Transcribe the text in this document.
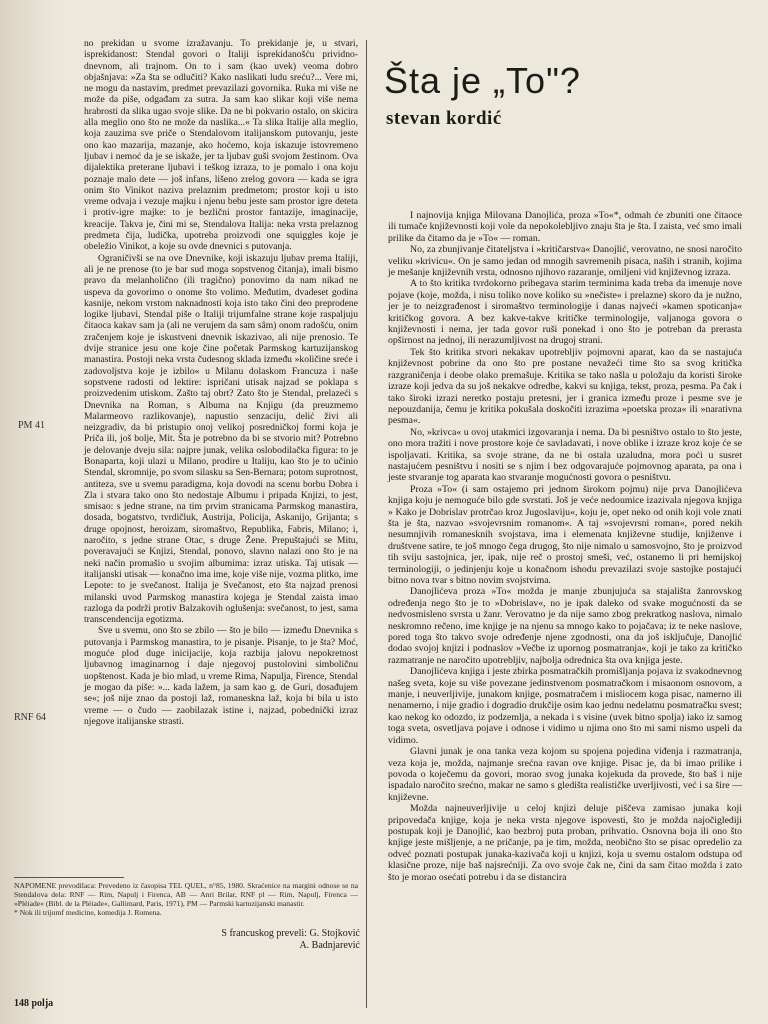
PM 41
RNF 64

no prekidan u svome izražavanju. To prekidanje je, u stvari, isprekidanost: Stendal govori o Italiji isprekidanošću prividno-dnevnom, ali trajnom. On to i sam (kao uvek) veoma dobro objašnjava: »Za šta se odlučiti? Kako naslikati ludu sreću?... Vere mi, ne mogu da nastavim, predmet prevazilazi govornika. Ruka mi više ne može da piše, odgađam za sutra. Ja sam kao slikar koji više nema hrabrosti da slika ugao svoje slike. Da ne bi pokvario ostalo, on skicira alla meglio ono što ne može da naslika...« Ta slika Italije alla meglio, koja zauzima sve priče o Stendalovom italijanskom putovanju, jeste ono kao mazarija, mazanje, ako hoćemo, koja iskazuje istovremeno ljubav i nemoć da je se iskaže, jer ta ljubav guši svojom žestinom. Ova dijalektika preterane ljubavi i teškog izraza, to je pomalo i ona koju poznaje malo dete — još infans, lišeno zrelog govora — kada se igra onim što Vinikot naziva prelaznim predmetom; prostor koji u isto vreme odvaja i vezuje majku i njenu bebu jeste sam prostor igre deteta i protiv-igre majke: to je bezlični prostor fantazije, imaginacije, kreacije. Takva je, čini mi se, Stendalova Italija: neka vrsta prelaznog predmeta čija, ludička, upotreba proizvodi one squiggles koje je obeležio Vinikot, a koje su ovde dnevnici s putovanja.

Ograničivši se na ove Dnevnike, koji iskazuju ljubav prema Italiji, ali je ne prenose (to je bar sud moga sopstvenog čitanja), imali bismo pravo da melanholično (ili tragično) ponovimo da nam nikad ne uspeva da govorimo o onome što volimo. Međutim, dvadeset godina kasnije, nekom vrstom naknadnosti koja isto tako čini deo preprodene logike ljubavi, Stendal piše o Italiji trijumfalne strane koje raspaljuju čitaoca kakav sam ja (ali ne verujem da sam sâm) onom radošću, onim zračenjem koje je iskustveni dnevnik iskazivao, ali nije prenosio. Te dvije stranice jesu one koje čine početak Parmskog kartuzijanskog manastira. Postoji neka vrsta čudesnog sklada između »količine sreće i zadovoljstva koje je izbilo« u Milanu dolaskom Francuza i naše sopstvene radosti od lektire: ispričani utisak najzad se poklapa s proizvedenim utiskom. Zašto taj obrt? Zato što je Stendal, prelazeći s Dnevnika na Roman, s Albuma na Knjigu (da preuzmemo Malarmeovo razlikovanje), napustio senzaciju, delić živi ali neizgradiv, da bi pristupio onoj velikoj posredničkoj formi koja je Priča ili, još bolje, Mit. Šta je potrebno da bi se stvorio mit? Potrebno je delovanje dveju sila: najpre junak, velika oslobodilačka figura: to je Bonaparta, koji ulazi u Milano, prodire u Italiju, kao što je to učinio Stendal, skromnije, po svom silasku sa Sen-Bernara; potom suprotnost, antiteza, sve u svemu paradigma, koja dovodi na scenu borbu Dobra i Zla i stvara tako ono što nedostaje Albumu i pripada Knjizi, to jest, smisao: s jedne strane, na tim prvim stranicama Parmskog manastira, dosada, bogatstvo, tvrdičluk, Austrija, Policija, Askanijo, Grijanta; s druge opojnost, heroizam, siromaštvo, Republika, Fabris, Milano; i, naročito, s jedne strane Otac, s druge Žene. Prepuštajući se Mitu, poveravajući se Knjizi, Stendal, ponovo, slavno nalazi ono što je na neki način promašio u svojim albumima: izraz utiska. Taj utisak — italijanski utisak — konačno ima ime, koje više nije, vozma plitko, ime Lepote: to je svečanost. Italija je Svečanost, eto šta najzad prenosi milanski uvod Parmskog manastira kojega je Stendal zaista imao razloga da podrži protiv Balzakovih oglušenja: svečanost, to jest, sama transcendencija egotizma.

Sve u svemu, ono što se zbilo — što je bilo — između Dnevnika s putovanja i Parmskog manastira, to je pisanje. Pisanje, to je šta? Moć, moguće plod duge inicijacije, koja razbija jalovu nepokretnost ljubavnog imaginarnog i daje njegovoj pustolovini simboličnu uopštenost. Kada je bio mlad, u vreme Rima, Napulja, Firence, Stendal je mogao da piše: »... kada lažem, ja sam kao g. de Guri, dosađujem se«; još nije znao da postoji laž, romaneskna laž, koja bi bila u isto vreme — o čudo — zaobilazak istine i, najzad, pobednički izraz njegove italijanske strasti.

NAPOMENE prevodilaca: Prevedeno iz časopisa TEL QUEL, n°85, 1980. Skraćenice na margini odnose se na Stendalova dela: RNF — Rim, Napulj i Firenca, AB — Anri Brilar, RNF pl — Rim, Napulj, Firenca — »Pléiade« (Bibl. de la Pléiade«, Gallimard, Paris, 1971), PM — Parmski kartuzijanski manastir.
* Nok ili trijumf medicine, komedija J. Romena.
S francuskog preveli: G. Stojković
A. Badnjarević
148 polja
Šta je „To"?
stevan kordić

I najnovija knjiga Milovana Danojlića, proza »To«*, odmah će zbuniti one čitaoce ili tumače književnosti koji vole da nepokolebljivo znaju šta je šta. I zaista, već smo imali prilike da čitamo da je »To« — roman.

No, za zbunjivanje čitateljstva i »kritičarstva« Danojlić, verovatno, ne snosi naročito veliku »krivicu«. On je samo jedan od mnogih savremenih pisaca, naših i stranih, kojima je mešanje književnih vrsta, odnosno njihovo razaranje, omiljeni vid književnog izraza.

A to što kritika tvrdokorno pribegava starim terminima kada treba da imenuje nove pojave (koje, možda, i nisu toliko nove koliko su »nečiste« i prelazne) skoro da je nužno, jer je to neizgrađenost i siromaštvo terminologije i danas najveći »kamen spoticanja« kritičkog govora. A bez kakve-takve kritičke terminologije, valjanoga govora o književnosti i nema, jer tada govor ruši ponekad i ono što je potreban da prerasta opširnost na jednoj, ili nerazumljivost na drugoj strani.

Tek što kritika stvori nekakav upotrebljiv pojmovni aparat, kao da se nastajuća književnost pobrine da ono što pre postane nevažeći time što sa svog kritička razgraničenja i deobe olako premašuje. Kritika se tako našla u položaju da koristi široke izraze koji jedva da su još nekakve odredbe, kakvi su knjiga, tekst, proza, pesma. Pa čak i tako široki izrazi neretko postaju pretesni, jer i granica između proze i pesme sve je nepouzdanija, čemu je kritika pokušala doskočiti izrazima »poetska proza« ili »narativna pesma«.

No, »krivca« u ovoj utakmici izgovaranja i nema. Da bi pesništvo ostalo to što jeste, ono mora tražiti i nove prostore koje će savladavati, i nove oblike i izraze kroz koje će se ispoljavati. Kritika, sa svoje strane, da ne bi ostala uzaludna, mora poći u susret nastajućem pesništvu i nositi se s njim i bez odgovarajuće pojmovnog aparata, pa ona i jeste stvaranje tog aparata kao stvaranje mogućnosti govora o pesništvu.

Proza »To« (i sam ostajemo pri jednom širokom pojmu) nije prva Danojlićeva knjiga koju je nemoguće bilo gde svrstati. Još je veće nedoumice izazivala njegova knjiga » Kako je Dobrislav protrčao kroz Jugoslaviju«, koju je, opet neko od onih koji vole znati šta je šta, nazvao »svojevrsnim romanom«. A taj »svojevrsni roman«, pored nekih nesumnjivih romanesknih svojstava, ima i elemenata književne studije, knjiženve i društvene satire, te još mnogo čega drugog, što nije nimalo u samosvojno, što je proizvod tih sviju sastojnica, jer, ipak, nije reč o prostoj smeši, već, ostanemo li pri hemijskoj terminologiji, o jedinjenju koje u konačnom ishodu prevazilazi svoje sastojke postajući bitno nova tvar s bitno novim svojstvima.

Danojlićeva proza »To« možda je manje zbunjujuća sa stajališta žanrovskog određenja nego što je to »Dobrislav«, no je ipak daleko od svake mogućnosti da se nedvosmisleno svrsta u žanr. Verovatno je da nije samo zbog prekratkog naslova, nimalo neskromno rečeno, ime knjige je na njenu sa mnogo kako to pojačava; iz te neke naslove, pored toga što takvo svoje određenje njene zgodnosti, ona da još isključuje, Danojlić dodao svojoj knjizi i podnaslov »Večbe iz upornog posmatranja«, koji je tako za kritičko razmatranje ne naročito upotrebljiv, najbolja odrednica šta ova knjiga jeste.

Danojlićeva knjiga i jeste zbirka posmatračkih promišljanja pojava iz svakodnevnog našeg sveta, koje su više povezane jedinstvenom posmatračkom i misaonom osnovom, a manje, i neuverljivije, junakom knjige, posmatračem i misliocem koga pisac, namerno ili nenamerno, i nije gradio i dogradio drukčije osim kao jednu nedelatnu posmatračku svest; kao nekog ko odozdo, iz podzemlja, a nekada i s visine (uvek bitno spolja) iako iz samog toga sveta, osvetljava pojave i odnose i vidimo u njima ono što mi sami nismo uspeli da vidimo.

Glavni junak je ona tanka veza kojom su spojena pojedina viđenja i razmatranja, veza koja je, možda, najmanje srećna ravan ove knjige. Pisac je, da bi imao prilike i povoda o koječemu da govori, morao svog junaka kojekuda da provede, što baš i nije ispadalo naročito srećno, makar ne samo s gledišta realističke uverljivosti, već i sa šire — književne.

Možda najneuverljivije u celoj knjizi deluje piščeva zamisao junaka koji pripovedača knjige, koja je neka vrsta njegove ispovesti, što je možda najočiglediji postupak koji je Danojlić, kao bezbroj puta proban, prihvatio. Osnovna boja ili ono što knjige jeste mišljenje, a ne pričanje, pa je tim, možda, neobično što se pisac opredelio za odveć poznati postupak junaka-kazivača koji u knjizi, koja u svemu ostalom odstupa od klasične proze, nije baš najsrećniji. Za ovo svoje čak ne, čini da sam čitao možda i zato što je morao osećati potrebu i da se distancira
